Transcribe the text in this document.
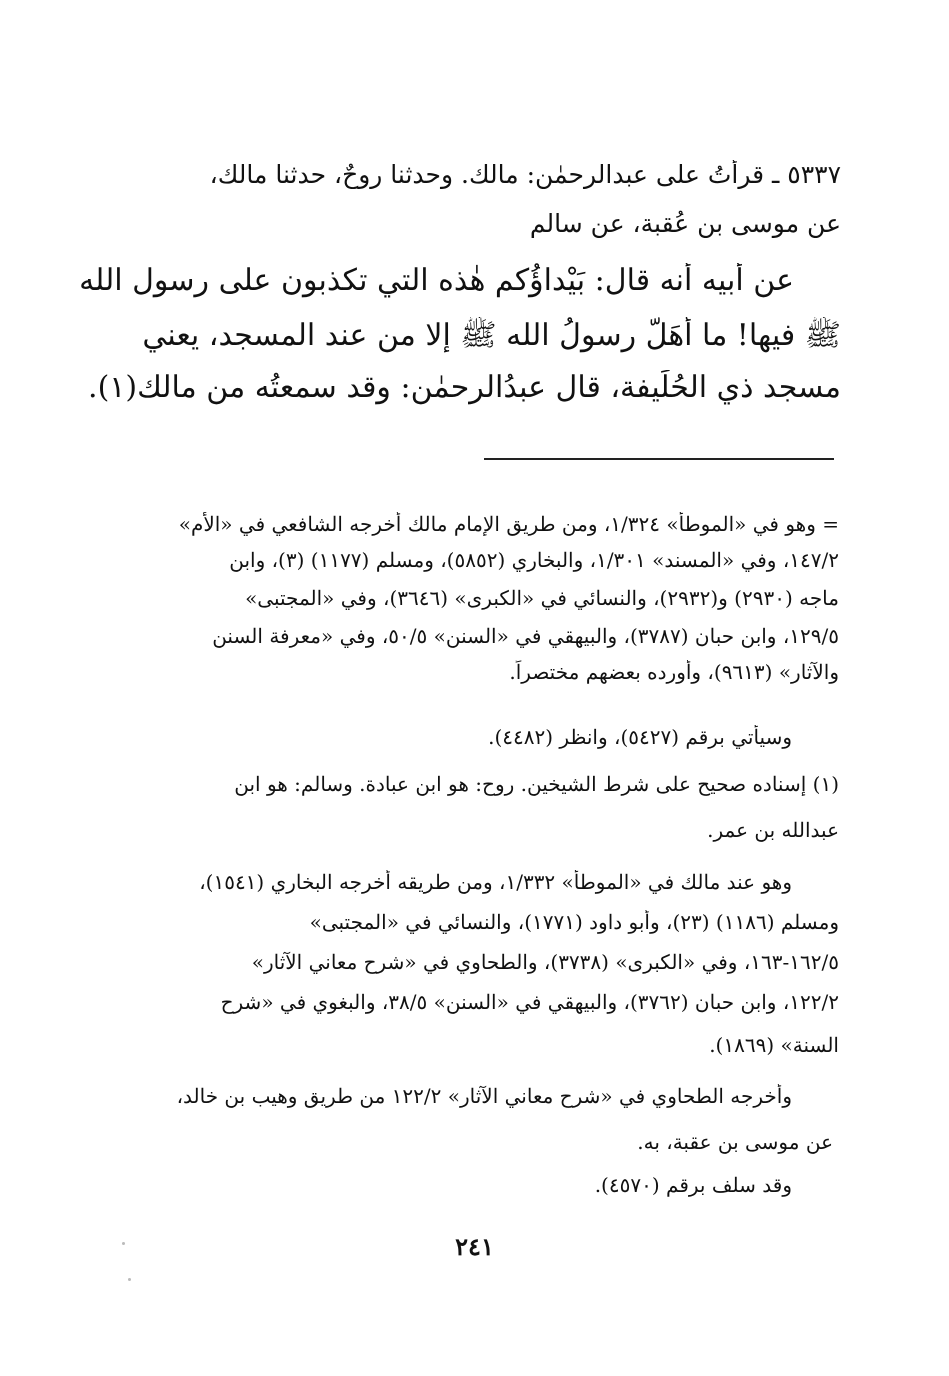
٥٣٣٧ ـ قرأتُ على عبدالرحمٰن: مالك. وحدثنا روحٌ، حدثنا مالك،
عن موسى بن عُقبة، عن سالم
عن أبيه أنه قال: بَيْداؤُكم هٰذه التي تكذبون على رسول الله
ﷺ فيها! ما أَهَلَّ رسولُ الله ﷺ إلا من عند المسجد، يعني
مسجد ذي الحُلَيفة، قال عبدُالرحمٰن: وقد سمعتُه من مالك(١).
= وهو في «الموطأ» ١/٣٢٤، ومن طريق الإمام مالك أخرجه الشافعي في «الأم»
١٤٧/٢، وفي «المسند» ١/٣٠١، والبخاري (٥٨٥٢)، ومسلم (١١٧٧) (٣)، وابن
ماجه (٢٩٣٠) و(٢٩٣٢)، والنسائي في «الكبرى» (٣٦٤٦)، وفي «المجتبى»
١٢٩/٥، وابن حبان (٣٧٨٧)، والبيهقي في «السنن» ٥٠/٥، وفي «معرفة السنن
والآثار» (٩٦١٣)، وأورده بعضهم مختصراً.
وسيأتي برقم (٥٤٢٧)، وانظر (٤٤٨٢).
(١) إسناده صحيح على شرط الشيخين. روح: هو ابن عبادة. وسالم: هو ابن
عبدالله بن عمر.
وهو عند مالك في «الموطأ» ١/٣٣٢، ومن طريقه أخرجه البخاري (١٥٤١)،
ومسلم (١١٨٦) (٢٣)، وأبو داود (١٧٧١)، والنسائي في «المجتبى»
١٦٢/٥-١٦٣، وفي «الكبرى» (٣٧٣٨)، والطحاوي في «شرح معاني الآثار»
١٢٢/٢، وابن حبان (٣٧٦٢)، والبيهقي في «السنن» ٣٨/٥، والبغوي في «شرح
السنة» (١٨٦٩).
وأخرجه الطحاوي في «شرح معاني الآثار» ١٢٢/٢ من طريق وهيب بن خالد،
عن موسى بن عقبة، به.
وقد سلف برقم (٤٥٧٠).
٢٤١
